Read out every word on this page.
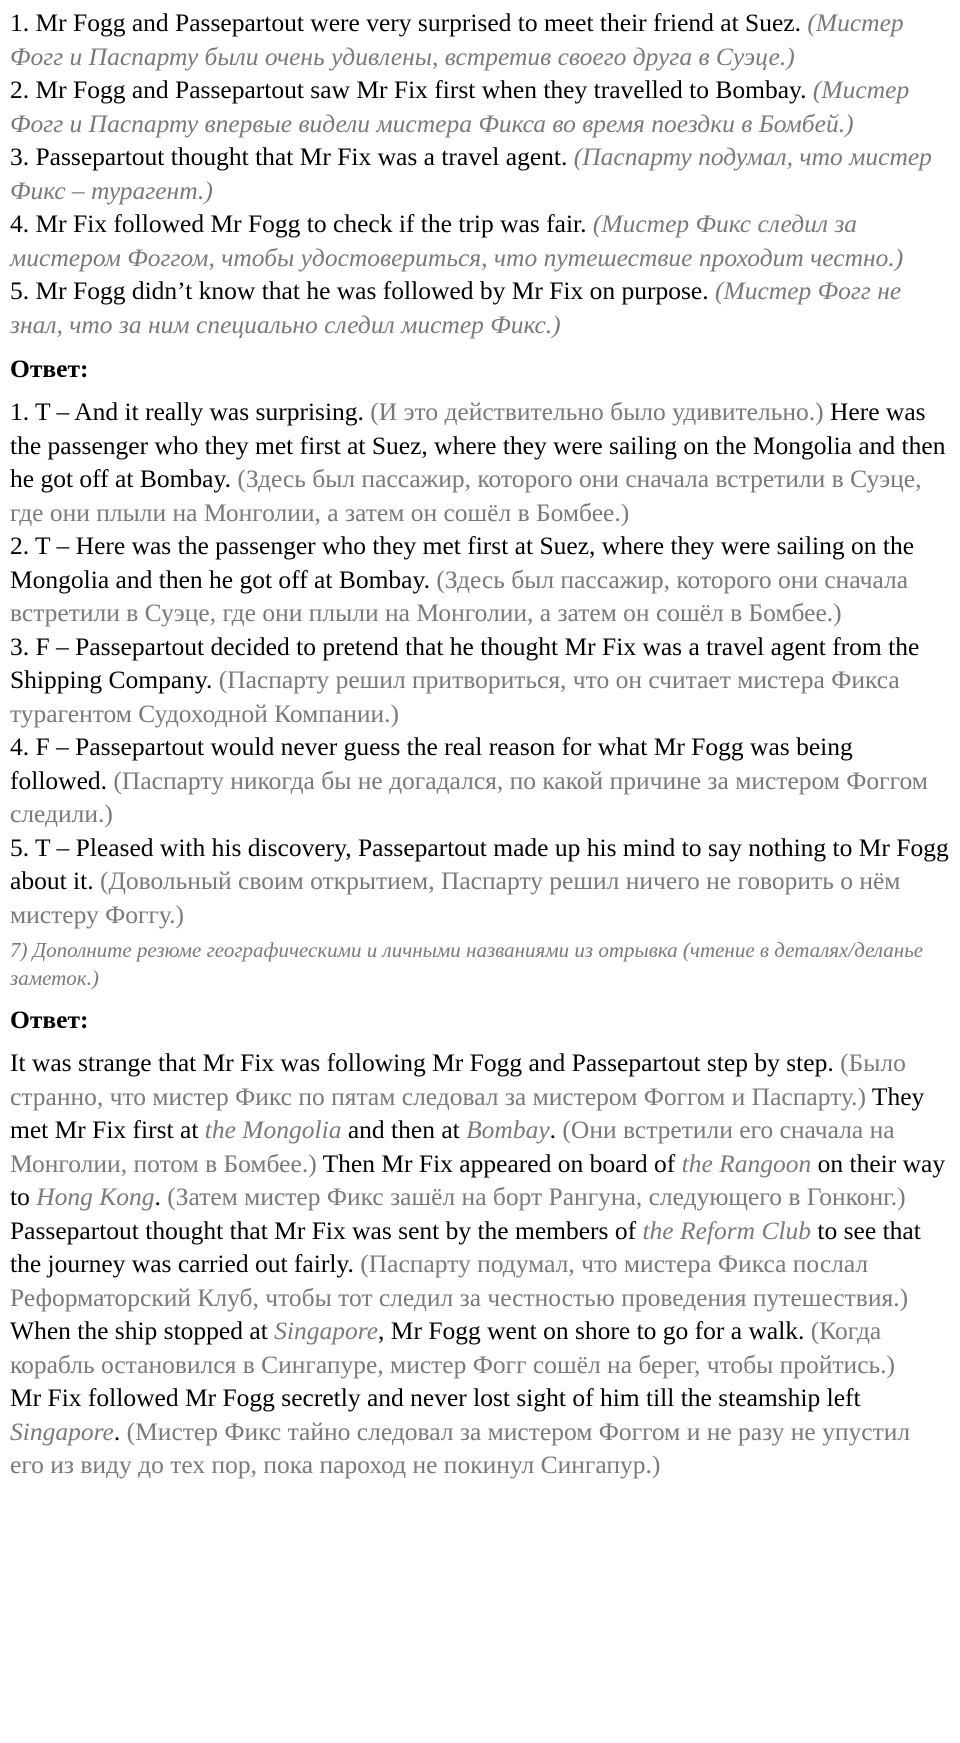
1. Mr Fogg and Passepartout were very surprised to meet their friend at Suez. (Мистер Фогг и Паспарту были очень удивлены, встретив своего друга в Суэце.)

2. Mr Fogg and Passepartout saw Mr Fix first when they travelled to Bombay. (Мистер Фогг и Паспарту впервые видели мистера Фикса во время поездки в Бомбей.)

3. Passepartout thought that Mr Fix was a travel agent. (Паспарту подумал, что мистер Фикс – турагент.)

4. Mr Fix followed Mr Fogg to check if the trip was fair. (Мистер Фикс следил за мистером Фоггом, чтобы удостовериться, что путешествие проходит честно.)

5. Mr Fogg didn’t know that he was followed by Mr Fix on purpose. (Мистер Фогг не знал, что за ним специально следил мистер Фикс.)

Ответ:

1. T – And it really was surprising. (И это действительно было удивительно.) Here was the passenger who they met first at Suez, where they were sailing on the Mongolia and then he got off at Bombay. (Здесь был пассажир, которого они сначала встретили в Суэце, где они плыли на Монголии, а затем он сошёл в Бомбее.)

2. T – Here was the passenger who they met first at Suez, where they were sailing on the Mongolia and then he got off at Bombay. (Здесь был пассажир, которого они сначала встретили в Суэце, где они плыли на Монголии, а затем он сошёл в Бомбее.)

3. F – Passepartout decided to pretend that he thought Mr Fix was a travel agent from the Shipping Company. (Паспарту решил притвориться, что он считает мистера Фикса турагентом Судоходной Компании.)

4. F – Passepartout would never guess the real reason for what Mr Fogg was being followed. (Паспарту никогда бы не догадался, по какой причине за мистером Фоггом следили.)

5. T – Pleased with his discovery, Passepartout made up his mind to say nothing to Mr Fogg about it. (Довольный своим открытием, Паспарту решил ничего не говорить о нём мистеру Фоггу.)

7) Дополните резюме географическими и личными названиями из отрывка (чтение в деталях/деланье заметок.)

Ответ:

It was strange that Mr Fix was following Mr Fogg and Passepartout step by step. (Было странно, что мистер Фикс по пятам следовал за мистером Фоггом и Паспарту.) They met Mr Fix first at the Mongolia and then at Bombay. (Они встретили его сначала на Монголии, потом в Бомбее.) Then Mr Fix appeared on board of the Rangoon on their way to Hong Kong. (Затем мистер Фикс зашёл на борт Рангуна, следующего в Гонконг.) Passepartout thought that Mr Fix was sent by the members of the Reform Club to see that the journey was carried out fairly. (Паспарту подумал, что мистера Фикса послал Реформаторский Клуб, чтобы тот следил за честностью проведения путешествия.) When the ship stopped at Singapore, Mr Fogg went on shore to go for a walk. (Когда корабль остановился в Сингапуре, мистер Фогг сошёл на берег, чтобы пройтись.)

Mr Fix followed Mr Fogg secretly and never lost sight of him till the steamship left Singapore. (Мистер Фикс тайно следовал за мистером Фоггом и не разу не упустил его из виду до тех пор, пока пароход не покинул Сингапур.)
